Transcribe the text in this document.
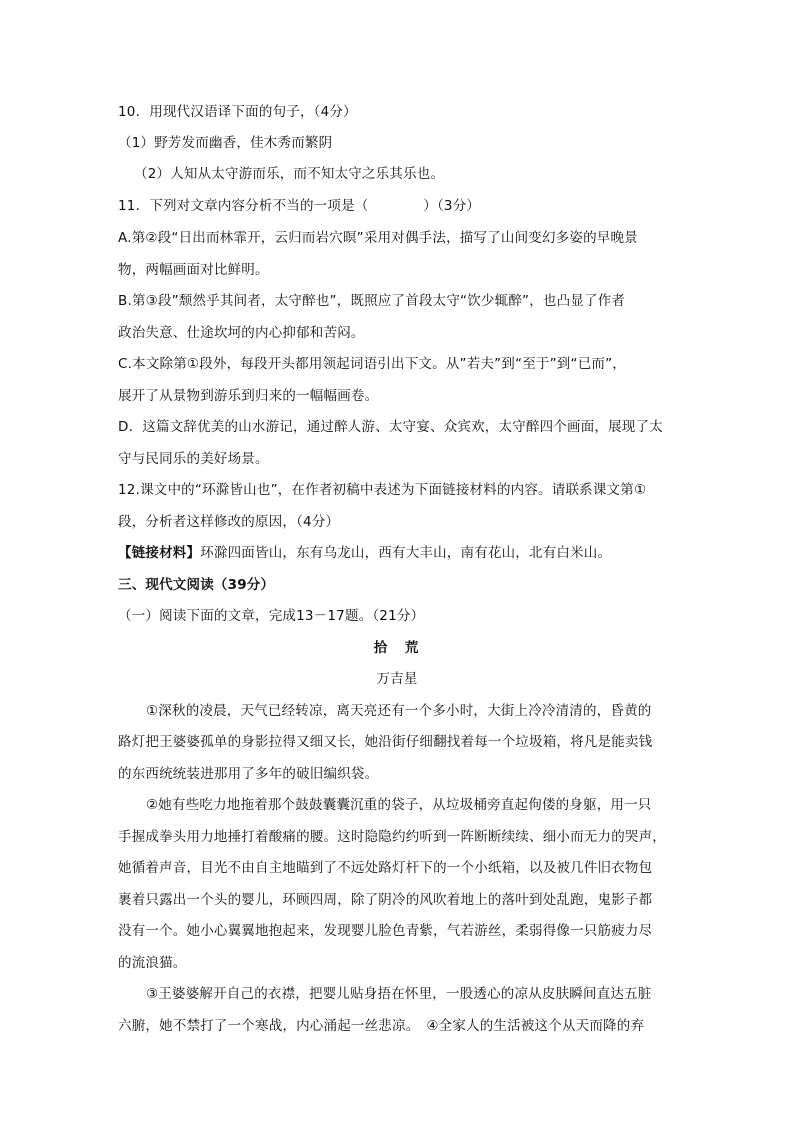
10．用现代汉语译下面的句子，（4分）
（1）野芳发而幽香，佳木秀而繁阴
（2）人知从太守游而乐，而不知太守之乐其乐也。
11．下列对文章内容分析不当的一项是（　　　　）（3分）
A.第②段“日出而林霏开，云归而岩穴暝”采用对偶手法，描写了山间变幻多姿的早晚景
物，两幅画面对比鲜明。
B.第③段”颓然乎其间者，太守醉也”，既照应了首段太守“饮少辄醉”，也凸显了作者
政治失意、仕途坎坷的内心抑郁和苦闷。
C.本文除第①段外，每段开头都用领起词语引出下文。从”若夫”到“至于”到“已而”，
展开了从景物到游乐到归来的一幅幅画卷。
D．这篇文辞优美的山水游记，通过醉人游、太守宴、众宾欢，太守醉四个画面，展现了太
守与民同乐的美好场景。
12.课文中的“环滁皆山也”，在作者初稿中表述为下面链接材料的内容。请联系课文第①
段，分析者这样修改的原因，（4分）
【链接材料】环滁四面皆山，东有乌龙山，西有大丰山，南有花山，北有白米山。
三、现代文阅读（39分）
（一）阅读下面的文章，完成13－17题。（21分）
拾　荒
万吉星
①深秋的凌晨，天气已经转凉，离天亮还有一个多小时，大街上冷冷清清的，昏黄的
路灯把王婆婆孤单的身影拉得又细又长，她沿街仔细翻找着每一个垃圾箱，将凡是能卖钱
的东西统统装进那用了多年的破旧编织袋。
②她有些吃力地拖着那个鼓鼓囊囊沉重的袋子，从垃圾桶旁直起佝偻的身躯，用一只
手握成拳头用力地捶打着酸痛的腰。这时隐隐约约听到一阵断断续续、细小而无力的哭声，
她循着声音，目光不由自主地瞄到了不远处路灯杆下的一个小纸箱，以及被几件旧衣物包
裹着只露出一个头的婴儿，环顾四周，除了阴冷的风吹着地上的落叶到处乱跑，鬼影子都
没有一个。她小心翼翼地抱起来，发现婴儿脸色青紫，气若游丝，柔弱得像一只筋疲力尽
的流浪猫。
③王婆婆解开自己的衣襟，把婴儿贴身捂在怀里，一股透心的凉从皮肤瞬间直达五脏
六腑，她不禁打了一个寒战，内心涌起一丝悲凉。　④全家人的生活被这个从天而降的弃
